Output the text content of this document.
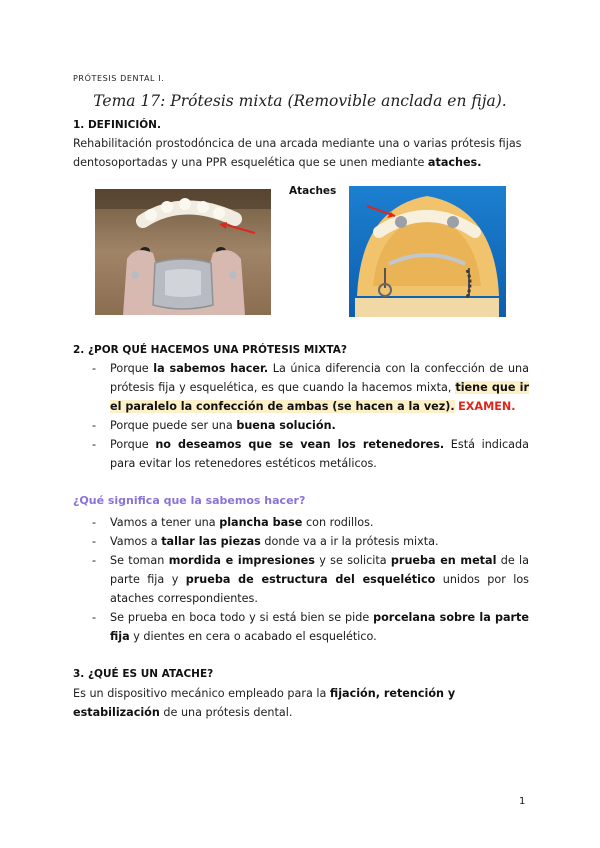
PRÓTESIS DENTAL I.
Tema 17: Prótesis mixta (Removible anclada en fija).
1. DEFINICIÓN.
Rehabilitación prostodóncica de una arcada mediante una o varias prótesis fijas dentosoportadas y una PPR esquelética que se unen mediante ataches.
Ataches
2. ¿POR QUÉ HACEMOS UNA PRÓTESIS MIXTA?

- Porque la sabemos hacer. La única diferencia con la confección de una prótesis fija y esquelética, es que cuando la hacemos mixta, tiene que ir el paralelo la confección de ambas (se hacen a la vez). EXAMEN.

- Porque puede ser una buena solución.

- Porque no deseamos que se vean los retenedores. Está indicada para evitar los retenedores estéticos metálicos.

¿Qué significa que la sabemos hacer?

- Vamos a tener una plancha base con rodillos.

- Vamos a tallar las piezas donde va a ir la prótesis mixta.

- Se toman mordida e impresiones y se solicita prueba en metal de la parte fija y prueba de estructura del esquelético unidos por los ataches correspondientes.

- Se prueba en boca todo y si está bien se pide porcelana sobre la parte fija y dientes en cera o acabado el esquelético.

3. ¿QUÉ ES UN ATACHE?
Es un dispositivo mecánico empleado para la fijación, retención y estabilización de una prótesis dental.
1
